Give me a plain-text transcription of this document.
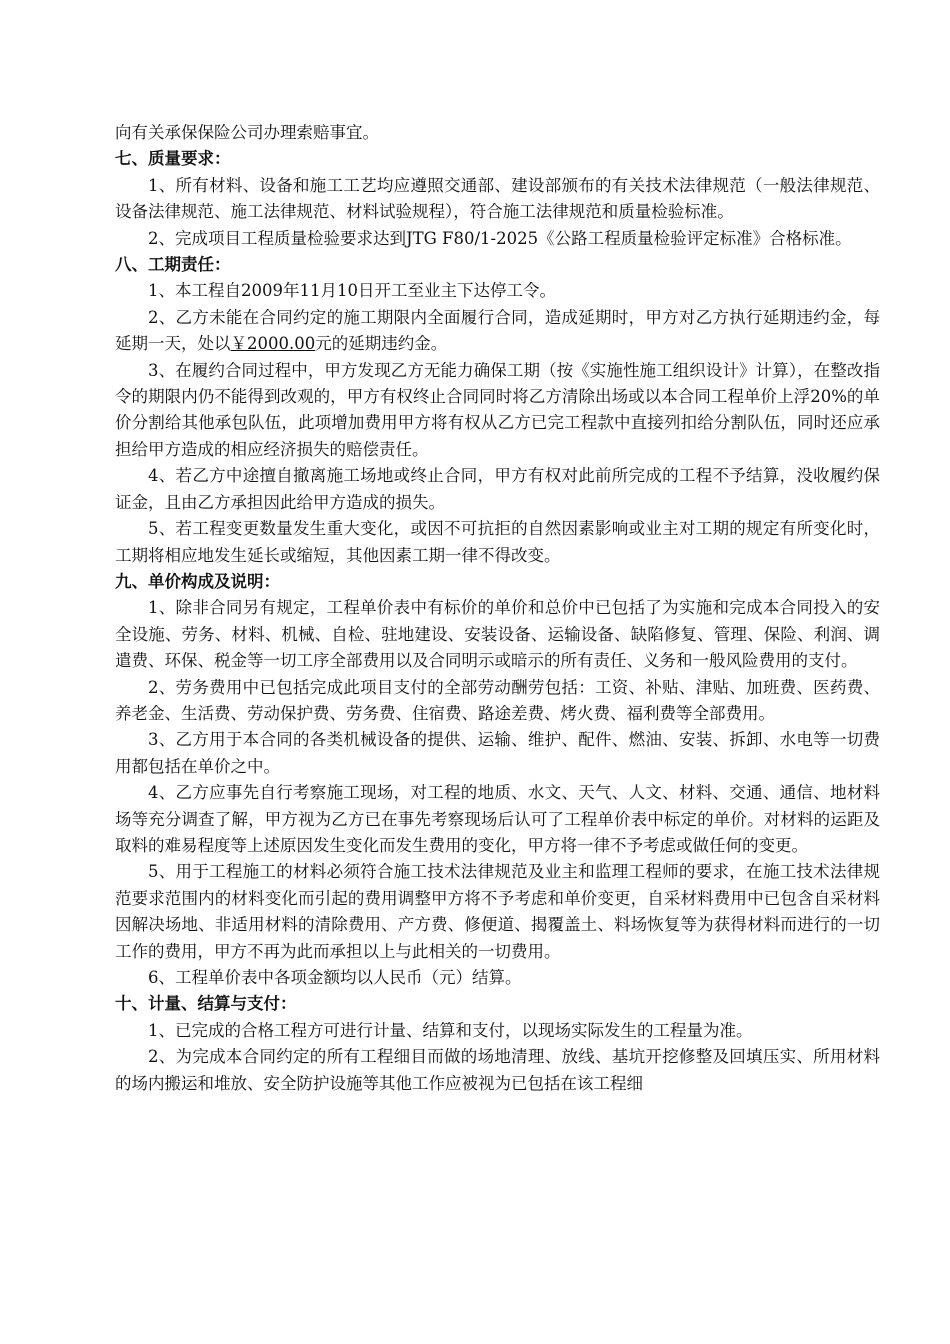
向有关承保保险公司办理索赔事宜。

七、质量要求：

1、所有材料、设备和施工工艺均应遵照交通部、建设部颁布的有关技术法律规范（一般法律规范、设备法律规范、施工法律规范、材料试验规程），符合施工法律规范和质量检验标准。

2、完成项目工程质量检验要求达到JTG F80/1-2025《公路工程质量检验评定标准》合格标准。

八、工期责任：

1、本工程自2009年11月10日开工至业主下达停工令。

2、乙方未能在合同约定的施工期限内全面履行合同，造成延期时，甲方对乙方执行延期违约金，每延期一天，处以￥2000.00元的延期违约金。

3、在履约合同过程中，甲方发现乙方无能力确保工期（按《实施性施工组织设计》计算），在整改指令的期限内仍不能得到改观的，甲方有权终止合同同时将乙方清除出场或以本合同工程单价上浮20%的单价分割给其他承包队伍，此项增加费用甲方将有权从乙方已完工程款中直接列扣给分割队伍，同时还应承担给甲方造成的相应经济损失的赔偿责任。

4、若乙方中途擅自撤离施工场地或终止合同，甲方有权对此前所完成的工程不予结算，没收履约保证金，且由乙方承担因此给甲方造成的损失。

5、若工程变更数量发生重大变化，或因不可抗拒的自然因素影响或业主对工期的规定有所变化时，工期将相应地发生延长或缩短，其他因素工期一律不得改变。

九、单价构成及说明：

1、除非合同另有规定，工程单价表中有标价的单价和总价中已包括了为实施和完成本合同投入的安全设施、劳务、材料、机械、自检、驻地建设、安装设备、运输设备、缺陷修复、管理、保险、利润、调遣费、环保、税金等一切工序全部费用以及合同明示或暗示的所有责任、义务和一般风险费用的支付。

2、劳务费用中已包括完成此项目支付的全部劳动酬劳包括：工资、补贴、津贴、加班费、医药费、养老金、生活费、劳动保护费、劳务费、住宿费、路途差费、烤火费、福利费等全部费用。

3、乙方用于本合同的各类机械设备的提供、运输、维护、配件、燃油、安装、拆卸、水电等一切费用都包括在单价之中。

4、乙方应事先自行考察施工现场，对工程的地质、水文、天气、人文、材料、交通、通信、地材料场等充分调查了解，甲方视为乙方已在事先考察现场后认可了工程单价表中标定的单价。对材料的运距及取料的难易程度等上述原因发生变化而发生费用的变化，甲方将一律不予考虑或做任何的变更。

5、用于工程施工的材料必须符合施工技术法律规范及业主和监理工程师的要求，在施工技术法律规范要求范围内的材料变化而引起的费用调整甲方将不予考虑和单价变更，自采材料费用中已包含自采材料因解决场地、非适用材料的清除费用、产方费、修便道、揭覆盖土、料场恢复等为获得材料而进行的一切工作的费用，甲方不再为此而承担以上与此相关的一切费用。

6、工程单价表中各项金额均以人民币（元）结算。

十、计量、结算与支付：

1、已完成的合格工程方可进行计量、结算和支付，以现场实际发生的工程量为准。

2、为完成本合同约定的所有工程细目而做的场地清理、放线、基坑开挖修整及回填压实、所用材料的场内搬运和堆放、安全防护设施等其他工作应被视为已包括在该工程细
